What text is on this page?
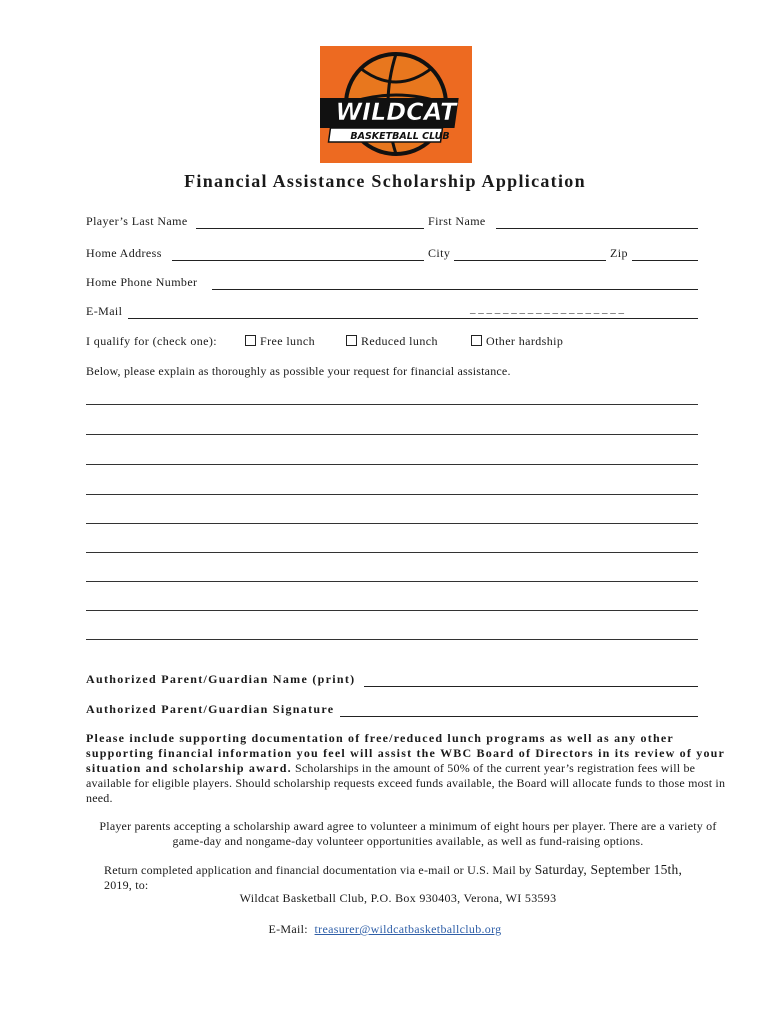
WILDCAT
BASKETBALL CLUB
Financial Assistance Scholarship Application
Player’s Last Name	First Name
Home Address	City	Zip
Home Phone Number
E-Mail	_ _ _ _ _ _ _ _ _ _ _ _ _ _ _ _ _ _ _
I qualify for (check one):	Free lunch	Reduced lunch	Other hardship
Below, please explain as thoroughly as possible your request for financial assistance.
Authorized Parent/Guardian Name (print)
Authorized Parent/Guardian Signature
Please include supporting documentation of free/reduced lunch programs as well as any other supporting financial information you feel will assist the WBC Board of Directors in its review of your situation and scholarship award. Scholarships in the amount of 50% of the current year’s registration fees will be available for eligible players. Should scholarship requests exceed funds available, the Board will allocate funds to those most in need.
Player parents accepting a scholarship award agree to volunteer a minimum of eight hours per player. There are a variety of game-day and nongame-day volunteer opportunities available, as well as fund-raising options.
Return completed application and financial documentation via e-mail or U.S. Mail by Saturday, September 15th, 2019, to:
Wildcat Basketball Club, P.O. Box 930403, Verona, WI 53593
E-Mail: treasurer@wildcatbasketballclub.org
